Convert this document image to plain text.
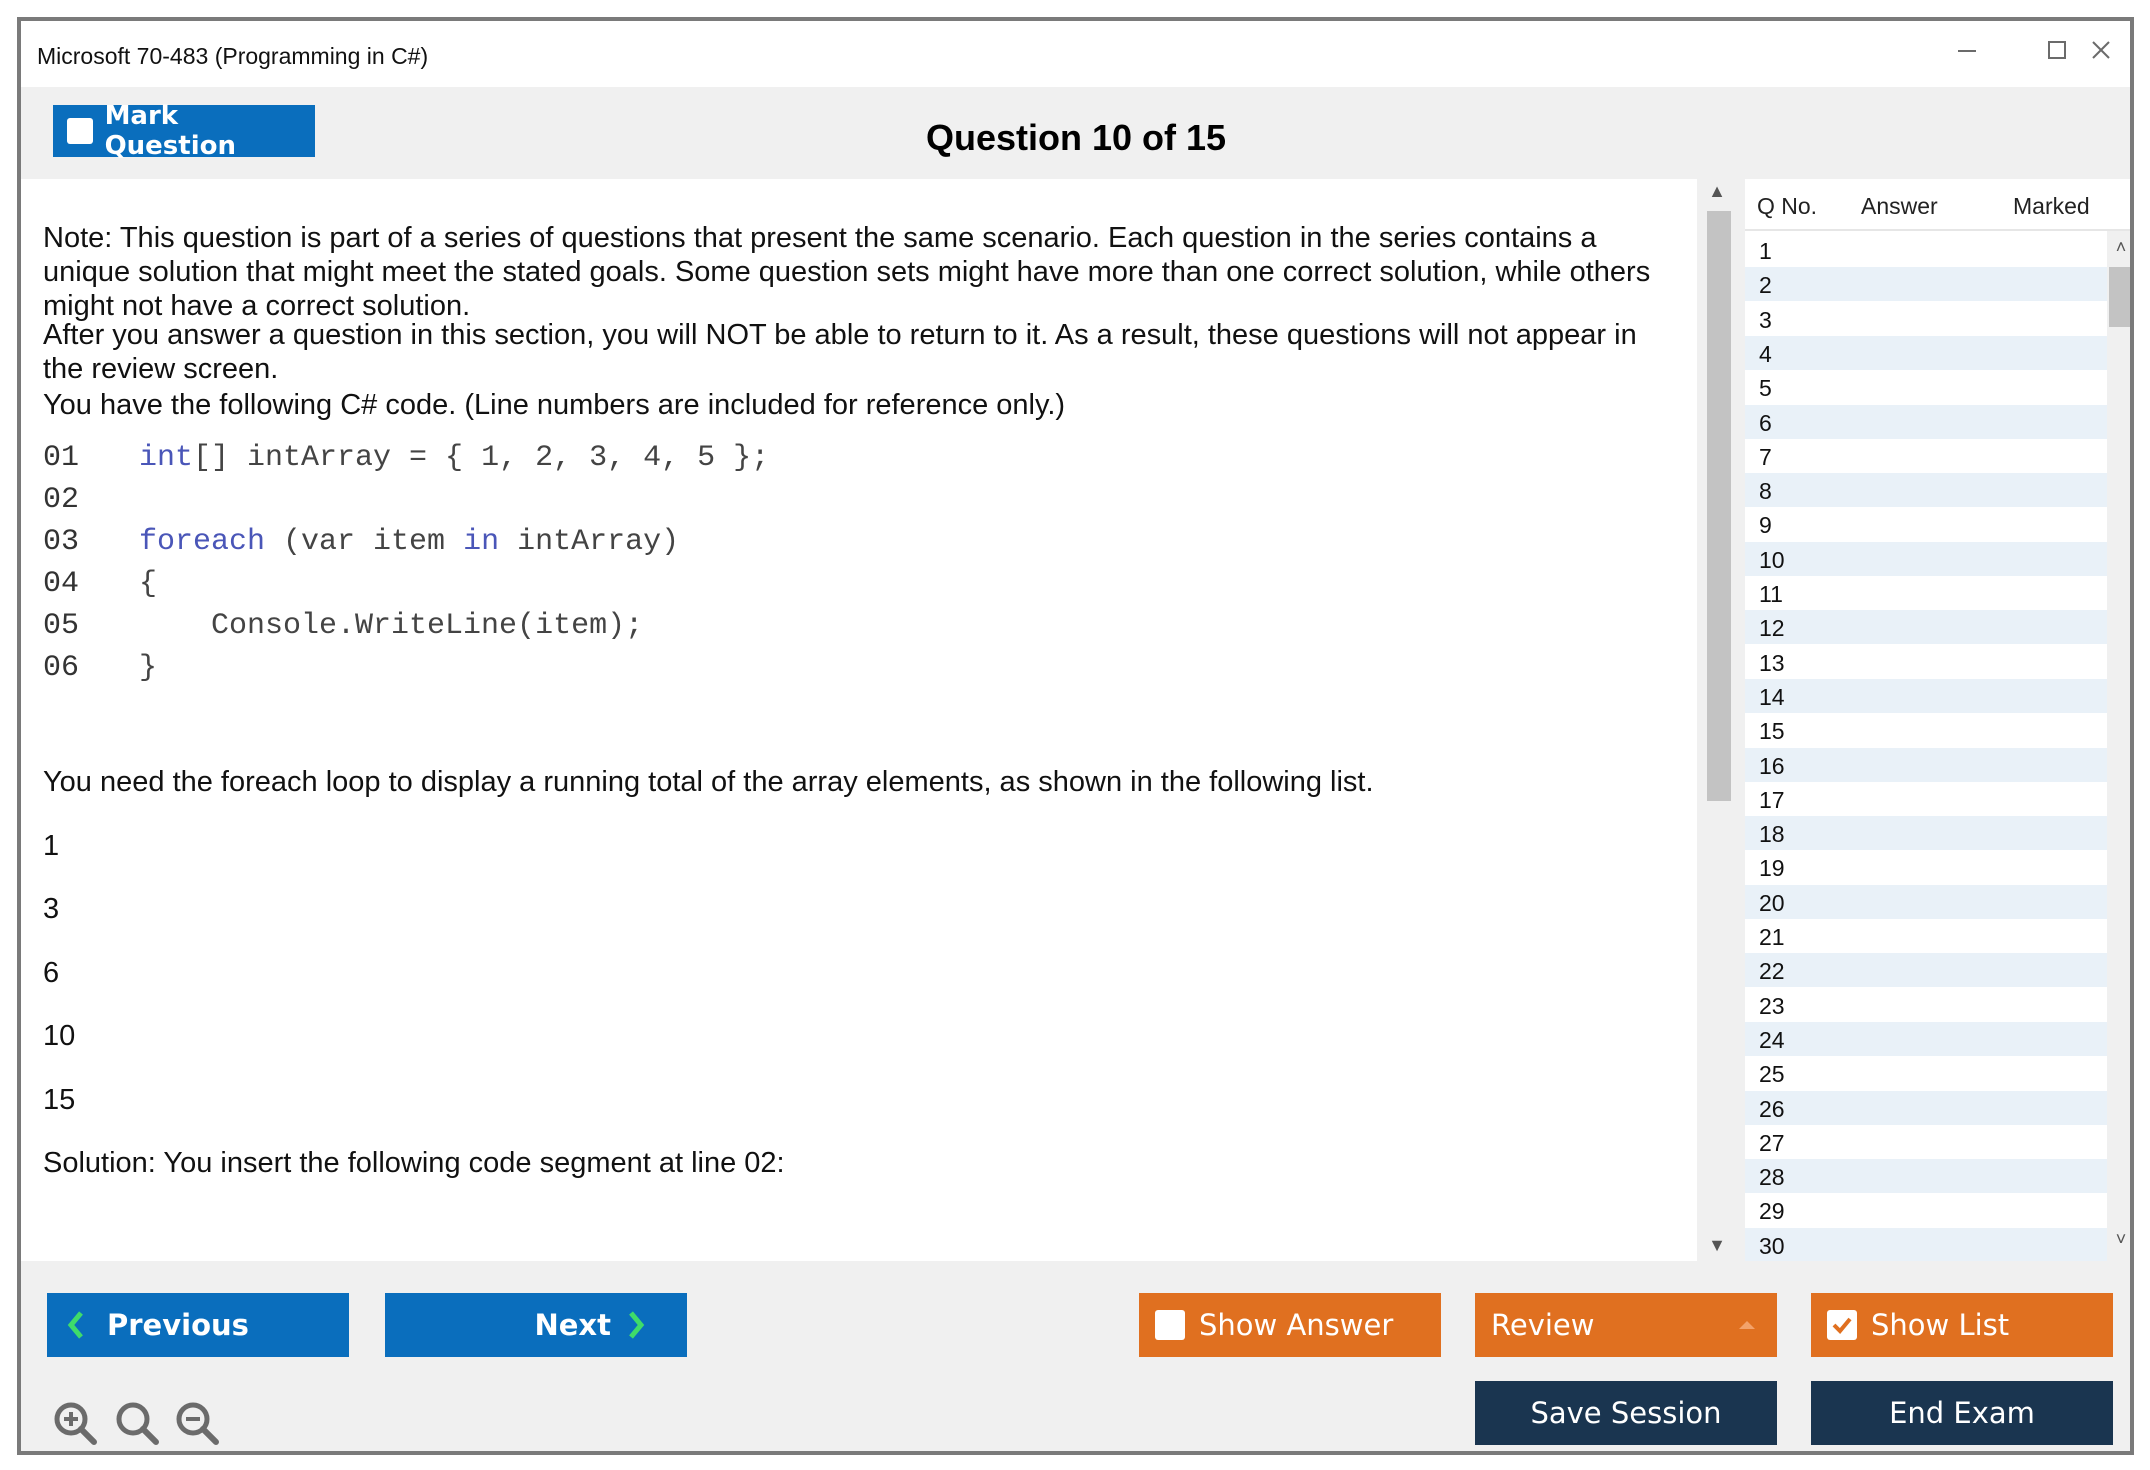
Microsoft 70-483 (Programming in C#)
Mark Question	Question 10 of 15

Note: This question is part of a series of questions that present the same scenario. Each question in the series contains a unique solution that might meet the stated goals. Some question sets might have more than one correct solution, while others might not have a correct solution.

After you answer a question in this section, you will NOT be able to return to it. As a result, these questions will not appear in the review screen.

You have the following C# code. (Line numbers are included for reference only.)

01 int[] intArray = { 1, 2, 3, 4, 5 };
02
03 foreach (var item in intArray)
04 {
05 Console.WriteLine(item);
06 }

You need the foreach loop to display a running total of the array elements, as shown in the following list.

1

3

6

10

15

Solution: You insert the following code segment at line 02:

▲
▼
Q No. Answer	Marked
1
2
3
4
5
6
7
8
9
10
11
12
13
14
15
16
17
18
19
20
21
22
23
24
25
26
27
28
29
30
˄
˅
Previous	Next	Show Answer	Review	Show List
Save Session	End Exam
